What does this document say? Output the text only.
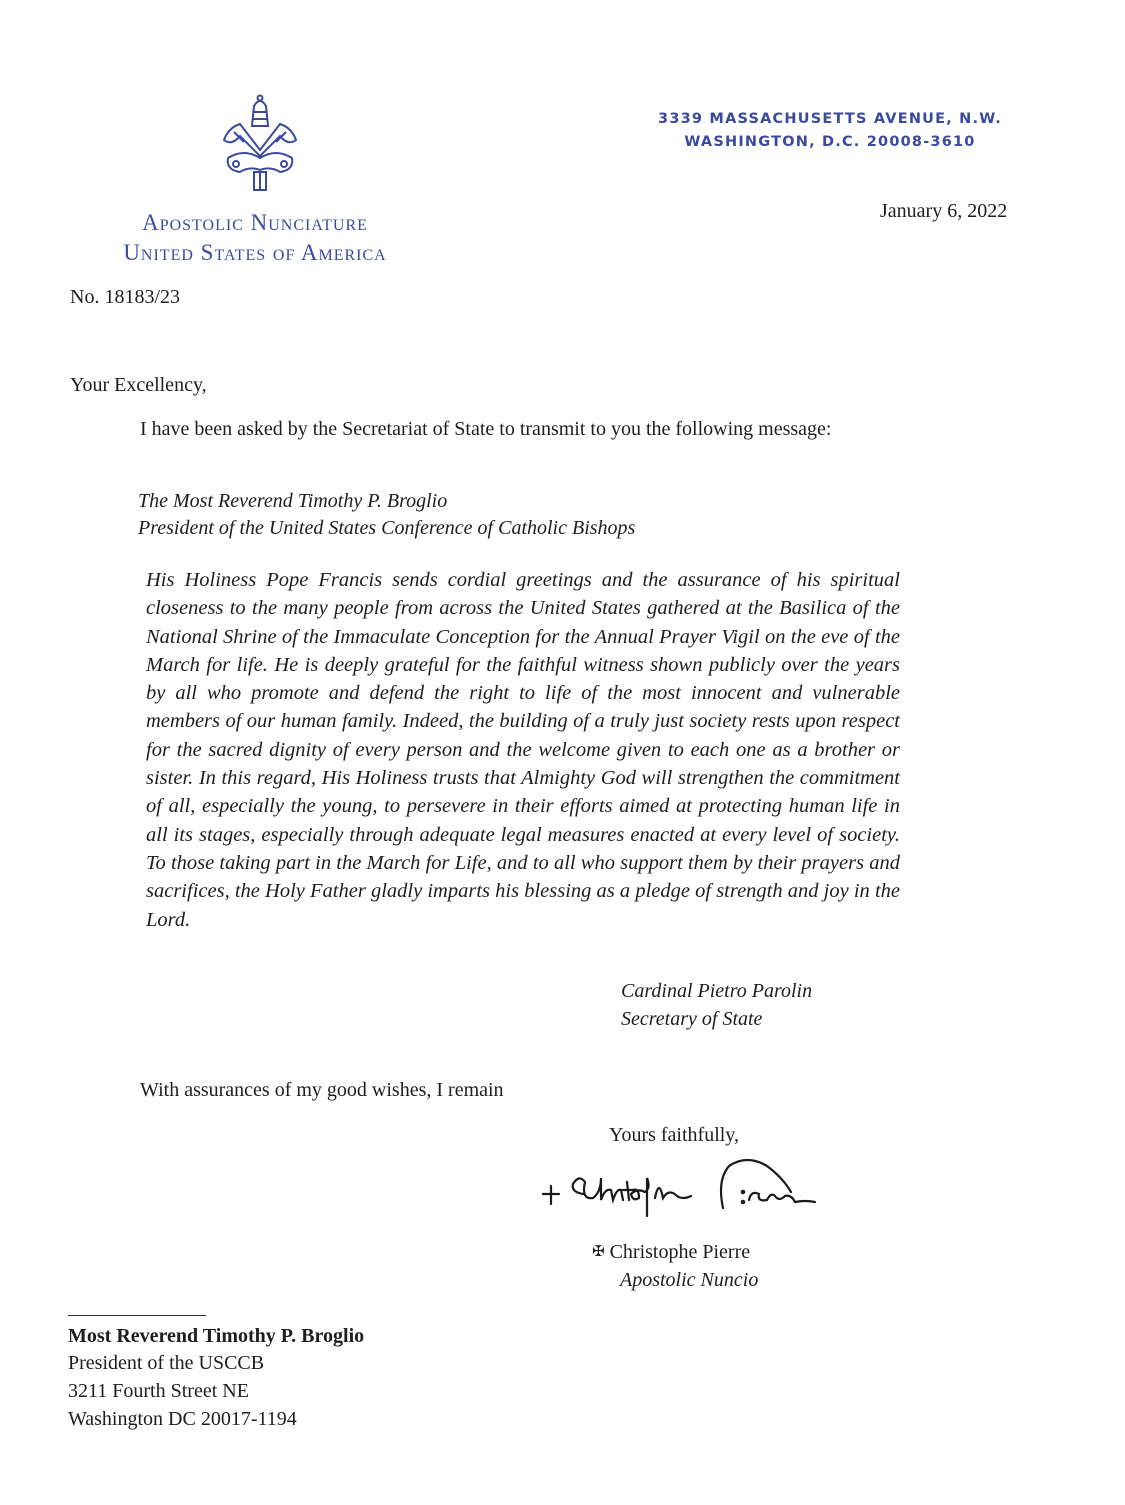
Apostolic Nunciature
United States of America
3339 MASSACHUSETTS AVENUE, N.W.
WASHINGTON, D.C. 20008-3610
January 6, 2022
No. 18183/23
Your Excellency,
I have been asked by the Secretariat of State to transmit to you the following message:
The Most Reverend Timothy P. Broglio
President of the United States Conference of Catholic Bishops
His Holiness Pope Francis sends cordial greetings and the assurance of his spiritual closeness to the many people from across the United States gathered at the Basilica of the National Shrine of the Immaculate Conception for the Annual Prayer Vigil on the eve of the March for life. He is deeply grateful for the faithful witness shown publicly over the years by all who promote and defend the right to life of the most innocent and vulnerable members of our human family. Indeed, the building of a truly just society rests upon respect for the sacred dignity of every person and the welcome given to each one as a brother or sister. In this regard, His Holiness trusts that Almighty God will strengthen the commitment of all, especially the young, to persevere in their efforts aimed at protecting human life in all its stages, especially through adequate legal measures enacted at every level of society. To those taking part in the March for Life, and to all who support them by their prayers and sacrifices, the Holy Father gladly imparts his blessing as a pledge of strength and joy in the Lord.
Cardinal Pietro Parolin
Secretary of State
With assurances of my good wishes, I remain
Yours faithfully,
✠ Christophe Pierre
Apostolic Nuncio
Most Reverend Timothy P. Broglio
President of the USCCB
3211 Fourth Street NE
Washington DC 20017-1194
